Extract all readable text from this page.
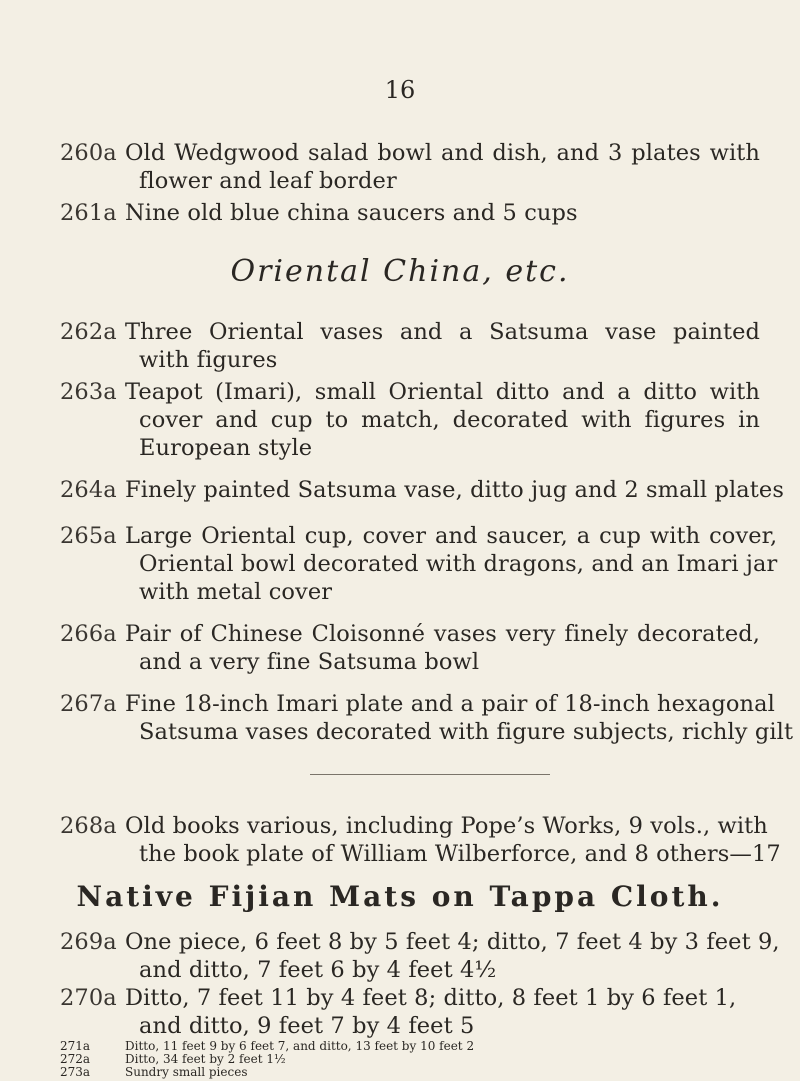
16
260a Old Wedgwood salad bowl and dish, and 3 plates with
flower and leaf border
261a Nine old blue china saucers and 5 cups
Oriental China, etc.
262a Three Oriental vases and a Satsuma vase painted
with figures
263a Teapot (Imari), small Oriental ditto and a ditto with
cover and cup to match, decorated with figures in
European style
264a Finely painted Satsuma vase, ditto jug and 2 small plates
265a Large Oriental cup, cover and saucer, a cup with cover,
Oriental bowl decorated with dragons, and an Imari jar
with metal cover
266a Pair of Chinese Cloisonné vases very finely decorated,
and a very fine Satsuma bowl
267a Fine 18-inch Imari plate and a pair of 18-inch hexagonal
Satsuma vases decorated with figure subjects, richly gilt
268a Old books various, including Pope’s Works, 9 vols., with
the book plate of William Wilberforce, and 8 others—17
Native Fijian Mats on Tappa Cloth.
269a One piece, 6 feet 8 by 5 feet 4; ditto, 7 feet 4 by 3 feet 9,
and ditto, 7 feet 6 by 4 feet 4½
270a Ditto, 7 feet 11 by 4 feet 8; ditto, 8 feet 1 by 6 feet 1,
and ditto, 9 feet 7 by 4 feet 5
271a	Ditto, 11 feet 9 by 6 feet 7, and ditto, 13 feet by 10 feet 2
272a	Ditto, 34 feet by 2 feet 1½
273a	Sundry small pieces
